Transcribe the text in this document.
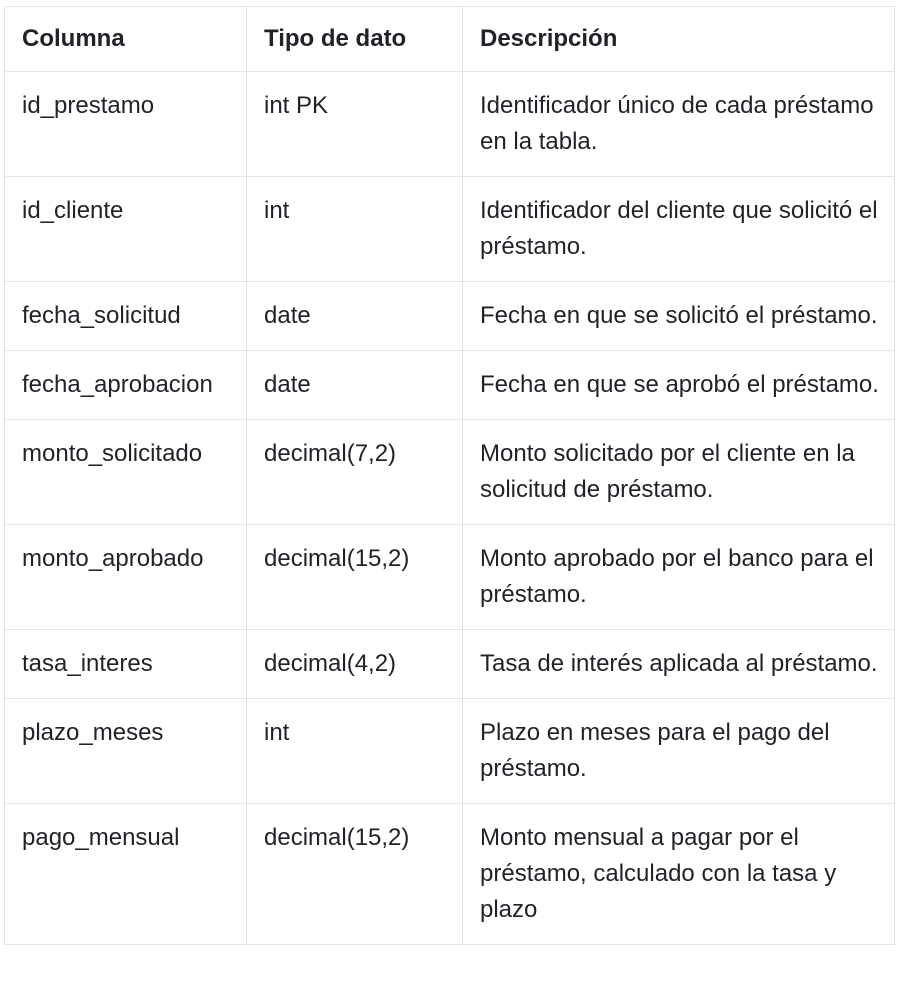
Columna	Tipo de dato	Descripción
id_prestamo	int PK	Identificador único de cada préstamo en la tabla.
id_cliente	int	Identificador del cliente que solicitó el préstamo.
fecha_solicitud	date	Fecha en que se solicitó el préstamo.
fecha_aprobacion	date	Fecha en que se aprobó el préstamo.
monto_solicitado	decimal(7,2)	Monto solicitado por el cliente en la solicitud de préstamo.
monto_aprobado	decimal(15,2)	Monto aprobado por el banco para el préstamo.
tasa_interes	decimal(4,2)	Tasa de interés aplicada al préstamo.
plazo_meses	int	Plazo en meses para el pago del préstamo.
pago_mensual	decimal(15,2)	Monto mensual a pagar por el préstamo, calculado con la tasa y plazo
